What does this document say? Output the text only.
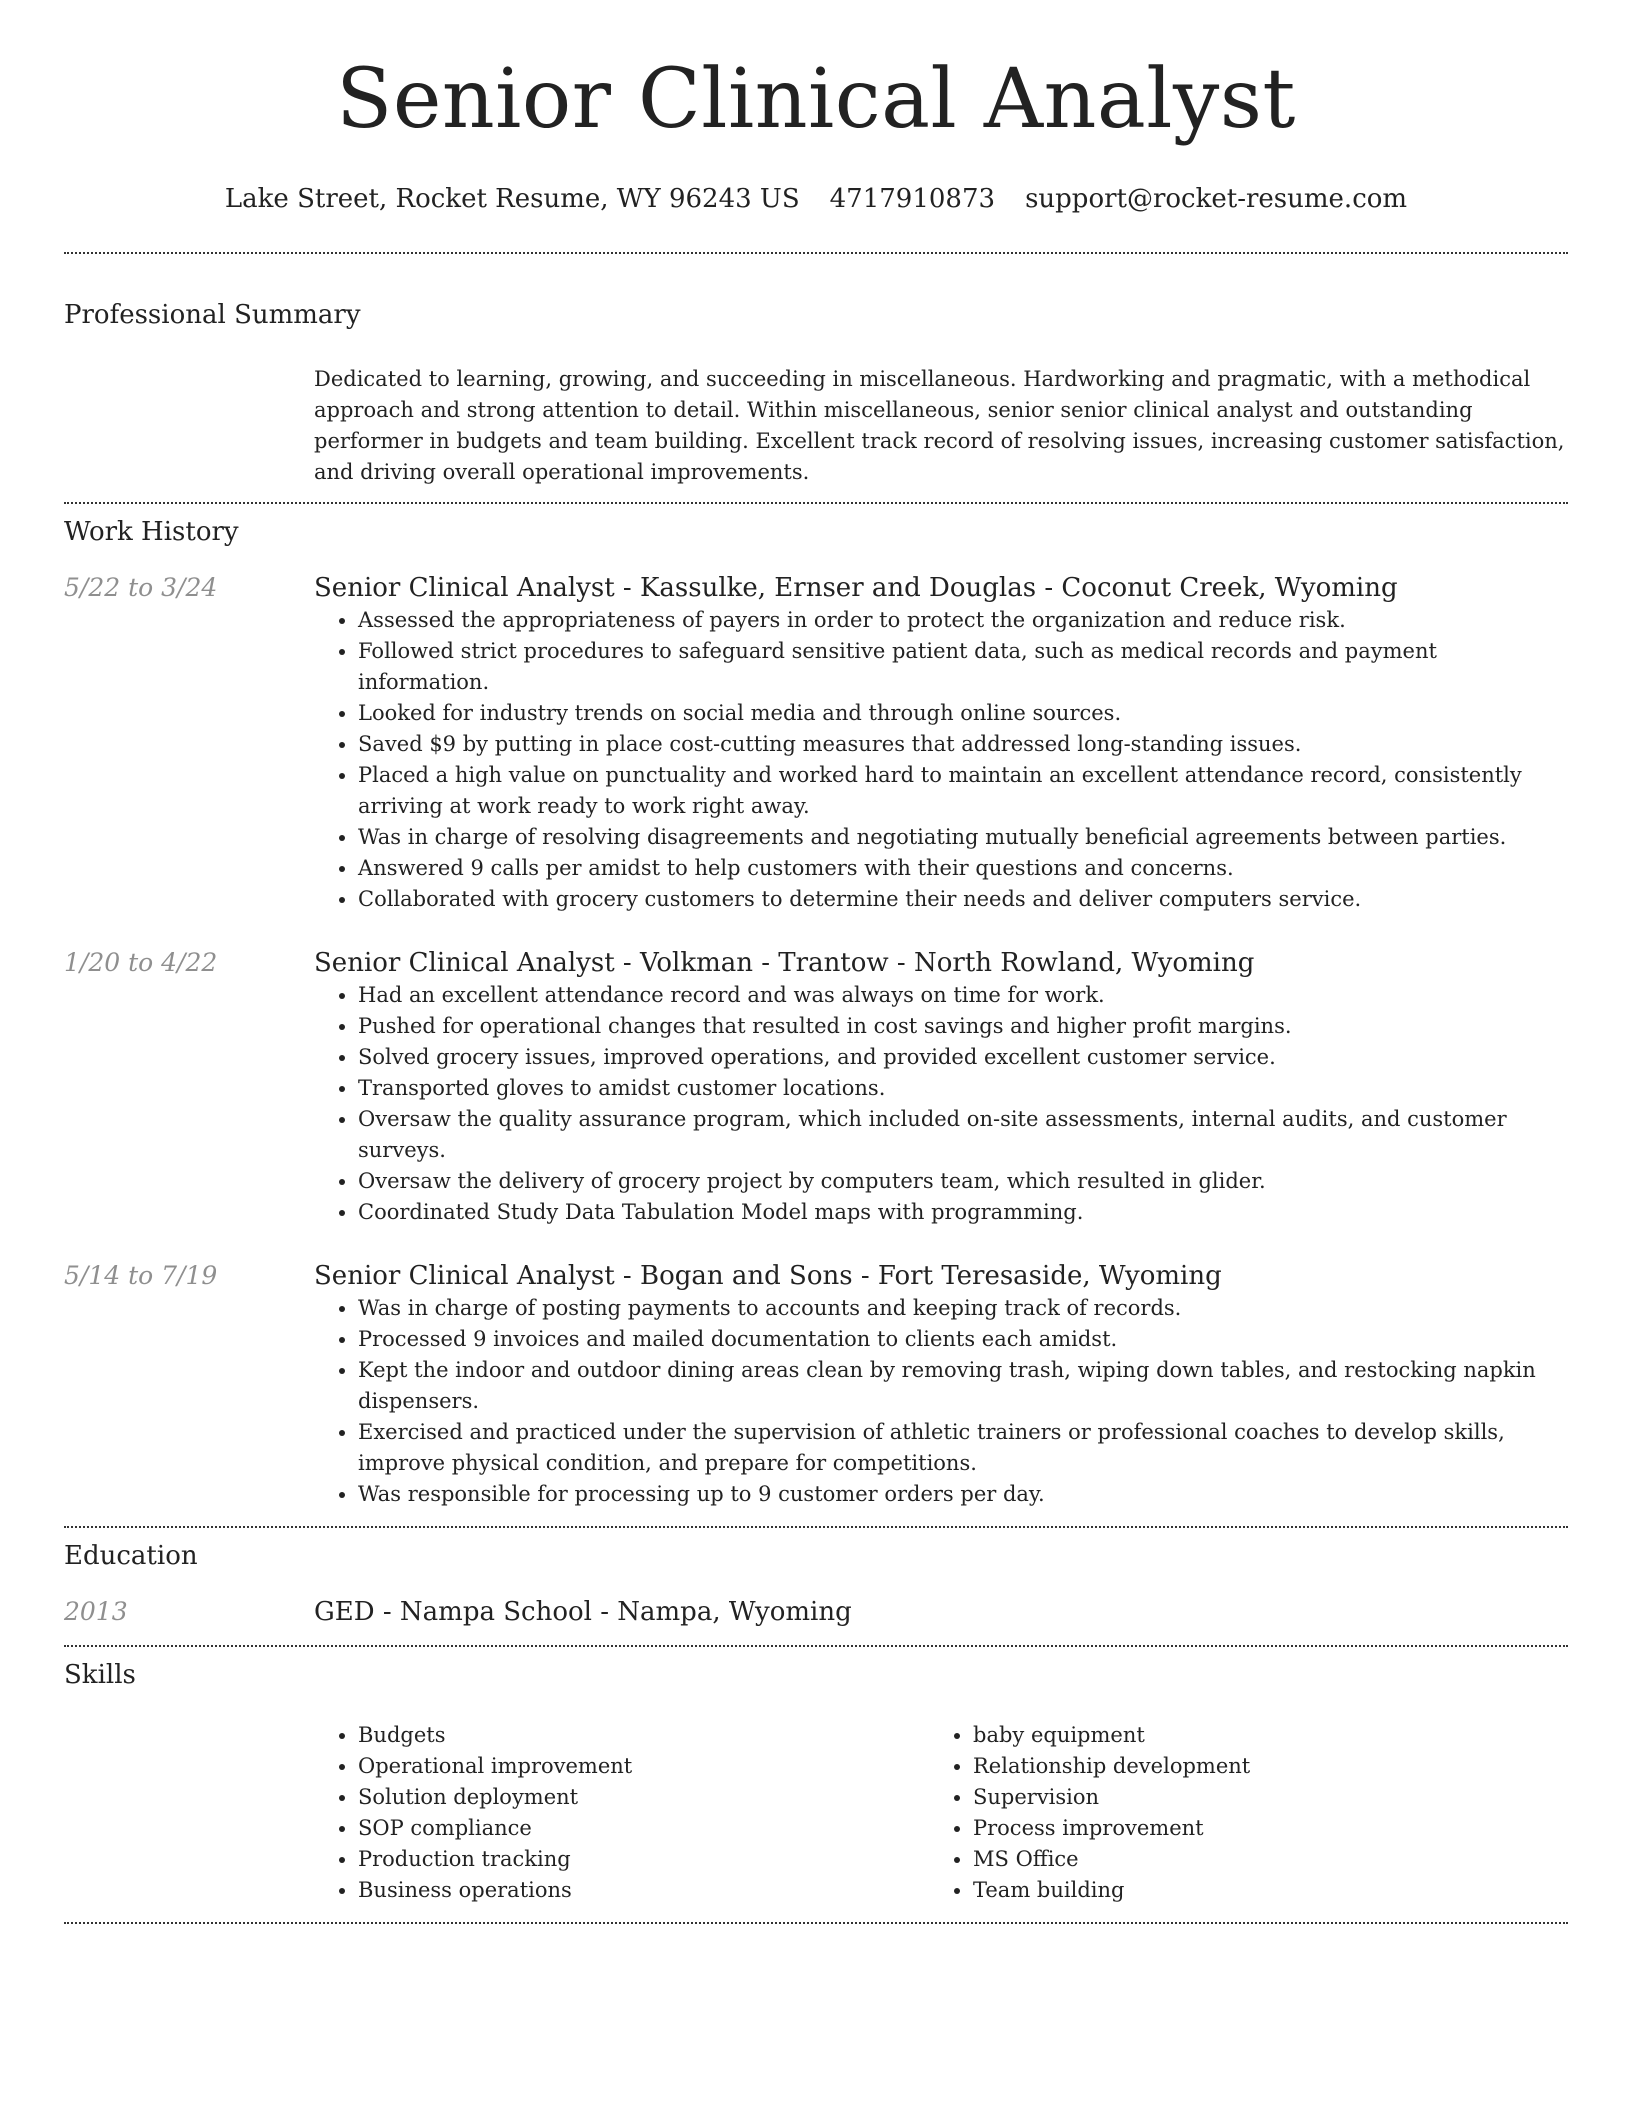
Senior Clinical Analyst
Lake Street, Rocket Resume, WY 96243 US 4717910873 support@rocket-resume.com
Professional Summary

Dedicated to learning, growing, and succeeding in miscellaneous. Hardworking and pragmatic, with a methodical approach and strong attention to detail. Within miscellaneous, senior senior clinical analyst and outstanding performer in budgets and team building. Excellent track record of resolving issues, increasing customer satisfaction, and driving overall operational improvements.

Work History
5/22 to 3/24	Senior Clinical Analyst - Kassulke, Ernser and Douglas - Coconut Creek, Wyoming
• Assessed the appropriateness of payers in order to protect the organization and reduce risk.
• Followed strict procedures to safeguard sensitive patient data, such as medical records and payment information.
• Looked for industry trends on social media and through online sources.
• Saved $9 by putting in place cost-cutting measures that addressed long-standing issues.
• Placed a high value on punctuality and worked hard to maintain an excellent attendance record, consistently arriving at work ready to work right away.
• Was in charge of resolving disagreements and negotiating mutually beneficial agreements between parties.
• Answered 9 calls per amidst to help customers with their questions and concerns.
• Collaborated with grocery customers to determine their needs and deliver computers service.
1/20 to 4/22	Senior Clinical Analyst - Volkman - Trantow - North Rowland, Wyoming
• Had an excellent attendance record and was always on time for work.
• Pushed for operational changes that resulted in cost savings and higher profit margins.
• Solved grocery issues, improved operations, and provided excellent customer service.
• Transported gloves to amidst customer locations.
• Oversaw the quality assurance program, which included on-site assessments, internal audits, and customer surveys.
• Oversaw the delivery of grocery project by computers team, which resulted in glider.
• Coordinated Study Data Tabulation Model maps with programming.
5/14 to 7/19	Senior Clinical Analyst - Bogan and Sons - Fort Teresaside, Wyoming
• Was in charge of posting payments to accounts and keeping track of records.
• Processed 9 invoices and mailed documentation to clients each amidst.
• Kept the indoor and outdoor dining areas clean by removing trash, wiping down tables, and restocking napkin dispensers.
• Exercised and practiced under the supervision of athletic trainers or professional coaches to develop skills, improve physical condition, and prepare for competitions.
• Was responsible for processing up to 9 customer orders per day.
Education
2013	GED - Nampa School - Nampa, Wyoming
Skills
• Budgets
• Operational improvement
• Solution deployment
• SOP compliance
• Production tracking
• Business operations
• baby equipment
• Relationship development
• Supervision
• Process improvement
• MS Office
• Team building
